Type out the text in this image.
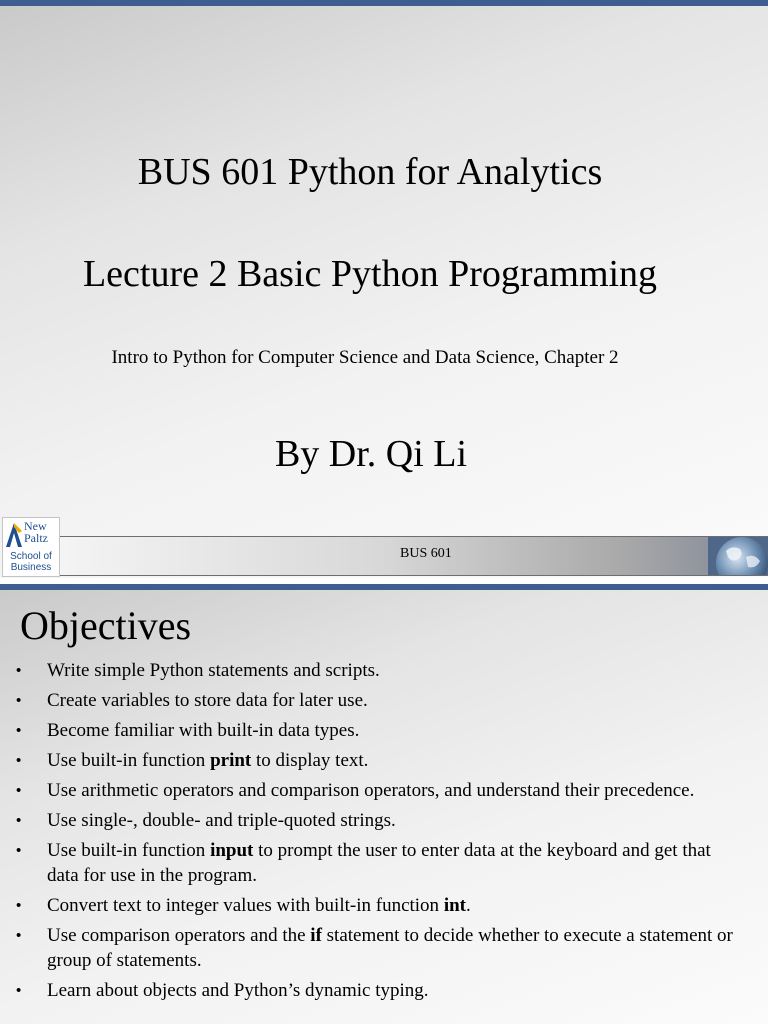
BUS 601 Python for Analytics
Lecture 2 Basic Python Programming
Intro to Python for Computer Science and Data Science, Chapter 2
By Dr. Qi Li
BUS 601
New
Paltz
School of
Business
Objectives
• Write simple Python statements and scripts.
• Create variables to store data for later use.
• Become familiar with built-in data types.
• Use built-in function print to display text.
• Use arithmetic operators and comparison operators, and understand their precedence.
• Use single-, double- and triple-quoted strings.
• Use built-in function input to prompt the user to enter data at the keyboard and get that data for use in the program.
• Convert text to integer values with built-in function int.
• Use comparison operators and the if statement to decide whether to execute a statement or group of statements.
• Learn about objects and Python’s dynamic typing.
